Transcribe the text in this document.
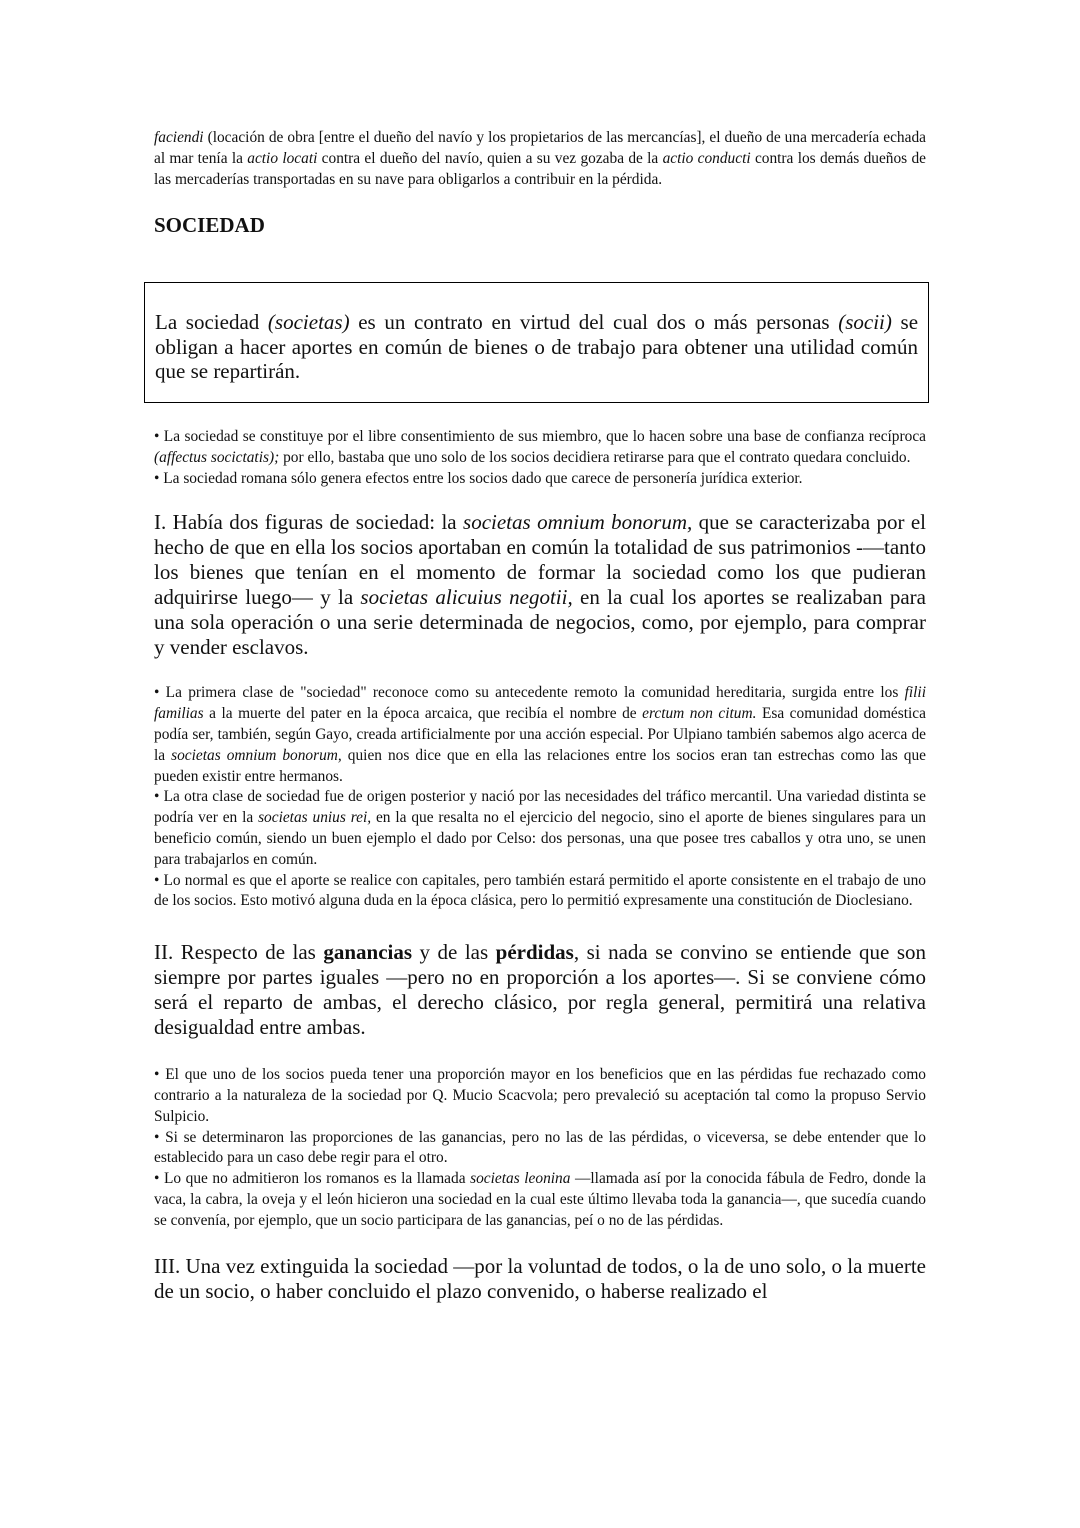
faciendi (locación de obra [entre el dueño del navío y los propietarios de las mercancías], el dueño de una mercadería echada al mar tenía la actio locati contra el dueño del navío, quien a su vez gozaba de la actio conducti contra los demás dueños de las mercaderías transportadas en su nave para obligarlos a contribuir en la pérdida.

SOCIEDAD

La sociedad (societas) es un contrato en virtud del cual dos o más personas (socii) se obligan a hacer aportes en común de bienes o de trabajo para obtener una utilidad común que se repartirán.

• La sociedad se constituye por el libre consentimiento de sus miembro, que lo hacen sobre una base de confianza recíproca (affectus socictatis); por ello, bastaba que uno solo de los socios decidiera retirarse para que el contrato quedara concluido.

• La sociedad romana sólo genera efectos entre los socios dado que carece de personería jurídica exterior.

I. Había dos figuras de sociedad: la societas omnium bonorum, que se caracterizaba por el hecho de que en ella los socios aportaban en común la totalidad de sus patrimonios -—tanto los bienes que tenían en el momento de formar la sociedad como los que pudieran adquirirse luego— y la societas alicuius negotii, en la cual los aportes se realizaban para una sola operación o una serie determinada de negocios, como, por ejemplo, para comprar y vender esclavos.

• La primera clase de "sociedad" reconoce como su antecedente remoto la comunidad hereditaria, surgida entre los filii familias a la muerte del pater en la época arcaica, que recibía el nombre de erctum non citum. Esa comunidad doméstica podía ser, también, según Gayo, creada artificialmente por una acción especial. Por Ulpiano también sabemos algo acerca de la societas omnium bonorum, quien nos dice que en ella las relaciones entre los socios eran tan estrechas como las que pueden existir entre hermanos.

• La otra clase de sociedad fue de origen posterior y nació por las necesidades del tráfico mercantil. Una variedad distinta se podría ver en la societas unius rei, en la que resalta no el ejercicio del negocio, sino el aporte de bienes singulares para un beneficio común, siendo un buen ejemplo el dado por Celso: dos personas, una que posee tres caballos y otra uno, se unen para trabajarlos en común.

• Lo normal es que el aporte se realice con capitales, pero también estará permitido el aporte consistente en el trabajo de uno de los socios. Esto motivó alguna duda en la época clásica, pero lo permitió expresamente una constitución de Dioclesiano.

II. Respecto de las ganancias y de las pérdidas, si nada se convino se entiende que son siempre por partes iguales —pero no en proporción a los aportes—. Si se conviene cómo será el reparto de ambas, el derecho clásico, por regla general, permitirá una relativa desigualdad entre ambas.

• El que uno de los socios pueda tener una proporción mayor en los beneficios que en las pérdidas fue rechazado como contrario a la naturaleza de la sociedad por Q. Mucio Scacvola; pero prevaleció su aceptación tal como la propuso Servio Sulpicio.

• Si se determinaron las proporciones de las ganancias, pero no las de las pérdidas, o viceversa, se debe entender que lo establecido para un caso debe regir para el otro.

• Lo que no admitieron los romanos es la llamada societas leonina —llamada así por la conocida fábula de Fedro, donde la vaca, la cabra, la oveja y el león hicieron una sociedad en la cual este último llevaba toda la ganancia—, que sucedía cuando se convenía, por ejemplo, que un socio participara de las ganancias, peí o no de las pérdidas.

III. Una vez extinguida la sociedad —por la voluntad de todos, o la de uno solo, o la muerte de un socio, o haber concluido el plazo convenido, o haberse realizado el
